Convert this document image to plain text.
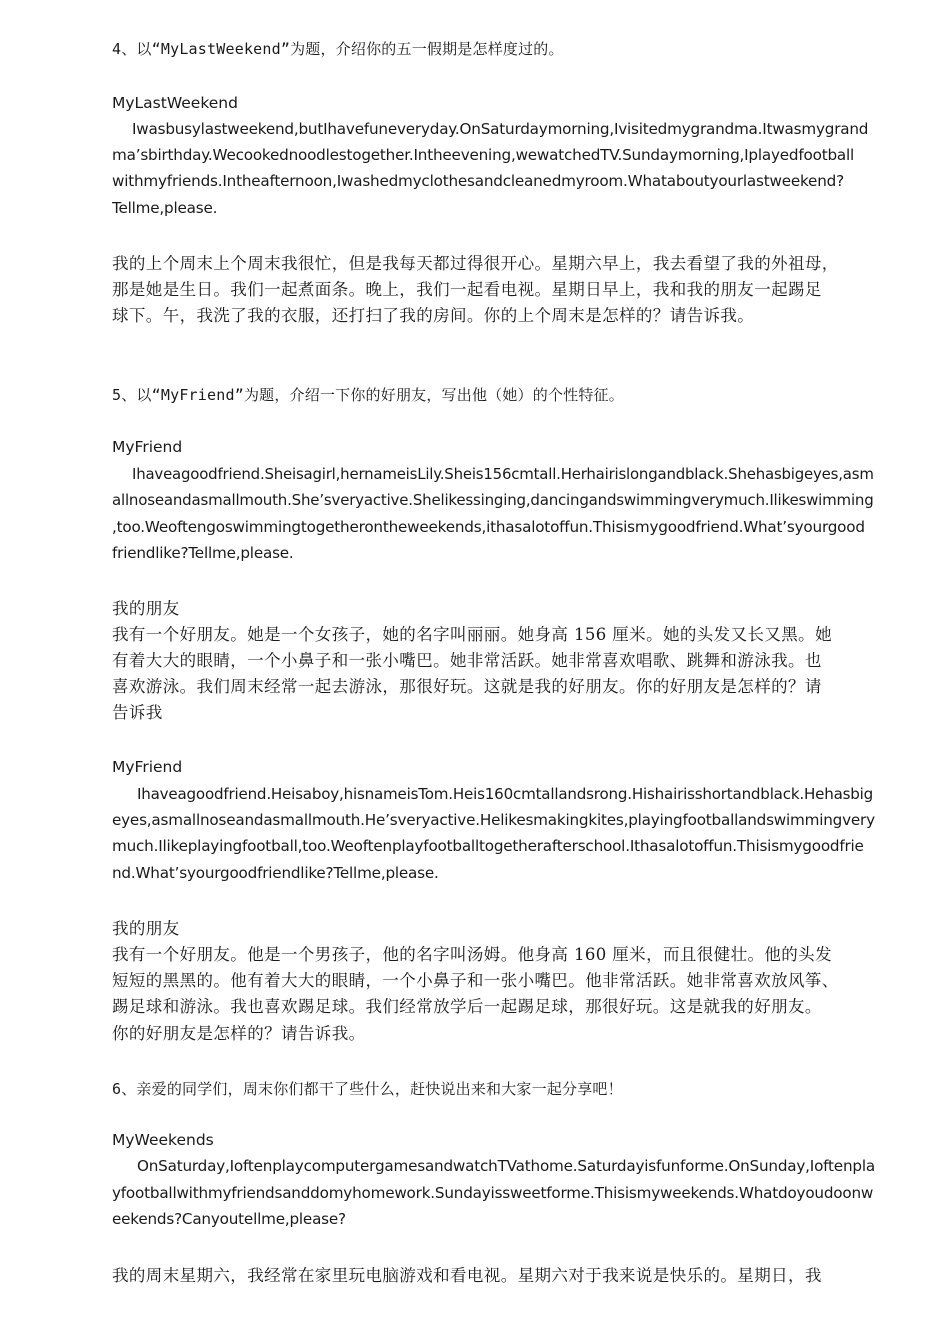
4、以“MyLastWeekend”为题，介绍你的五一假期是怎样度过的。
MyLastWeekend
Iwasbusylastweekend,butIhavefuneveryday.OnSaturdaymorning,Ivisitedmygrandma.Itwasmygrand
ma’sbirthday.Wecookednoodlestogether.Intheevening,wewatchedTV.Sundaymorning,Iplayedfootball
withmyfriends.Intheafternoon,Iwashedmyclothesandcleanedmyroom.Whataboutyourlastweekend?
Tellme,please.
我的上个周末上个周末我很忙，但是我每天都过得很开心。星期六早上，我去看望了我的外祖母，
那是她是生日。我们一起煮面条。晚上，我们一起看电视。星期日早上，我和我的朋友一起踢足
球下。午，我洗了我的衣服，还打扫了我的房间。你的上个周末是怎样的？请告诉我。
5、以“MyFriend”为题，介绍一下你的好朋友，写出他（她）的个性特征。
MyFriend
Ihaveagoodfriend.Sheisagirl,hernameisLily.Sheis156cmtall.Herhairislongandblack.Shehasbigeyes,asm
allnoseandasmallmouth.She’sveryactive.Shelikessinging,dancingandswimmingverymuch.Ilikeswimming
,too.Weoftengoswimmingtogetherontheweekends,ithasalotoffun.Thisismygoodfriend.What’syourgood
friendlike?Tellme,please.
我的朋友
我有一个好朋友。她是一个女孩子，她的名字叫丽丽。她身高 156 厘米。她的头发又长又黑。她
有着大大的眼睛，一个小鼻子和一张小嘴巴。她非常活跃。她非常喜欢唱歌、跳舞和游泳我。也
喜欢游泳。我们周末经常一起去游泳，那很好玩。这就是我的好朋友。你的好朋友是怎样的？请
告诉我
MyFriend
Ihaveagoodfriend.Heisaboy,hisnameisTom.Heis160cmtallandsrong.Hishairisshortandblack.Hehasbig
eyes,asmallnoseandasmallmouth.He’sveryactive.Helikesmakingkites,playingfootballandswimmingvery
much.Ilikeplayingfootball,too.Weoftenplayfootballtogetherafterschool.Ithasalotoffun.Thisismygoodfrie
nd.What’syourgoodfriendlike?Tellme,please.
我的朋友
我有一个好朋友。他是一个男孩子，他的名字叫汤姆。他身高 160 厘米，而且很健壮。他的头发
短短的黑黑的。他有着大大的眼睛，一个小鼻子和一张小嘴巴。他非常活跃。她非常喜欢放风筝、
踢足球和游泳。我也喜欢踢足球。我们经常放学后一起踢足球，那很好玩。这是就我的好朋友。
你的好朋友是怎样的？请告诉我。
6、亲爱的同学们，周末你们都干了些什么，赶快说出来和大家一起分享吧！
MyWeekends
OnSaturday,IoftenplaycomputergamesandwatchTVathome.Saturdayisfunforme.OnSunday,Ioftenpla
yfootballwithmyfriendsanddomyhomework.Sundayissweetforme.Thisismyweekends.Whatdoyoudoonw
eekends?Canyoutellme,please?
我的周末星期六，我经常在家里玩电脑游戏和看电视。星期六对于我来说是快乐的。星期日，我
